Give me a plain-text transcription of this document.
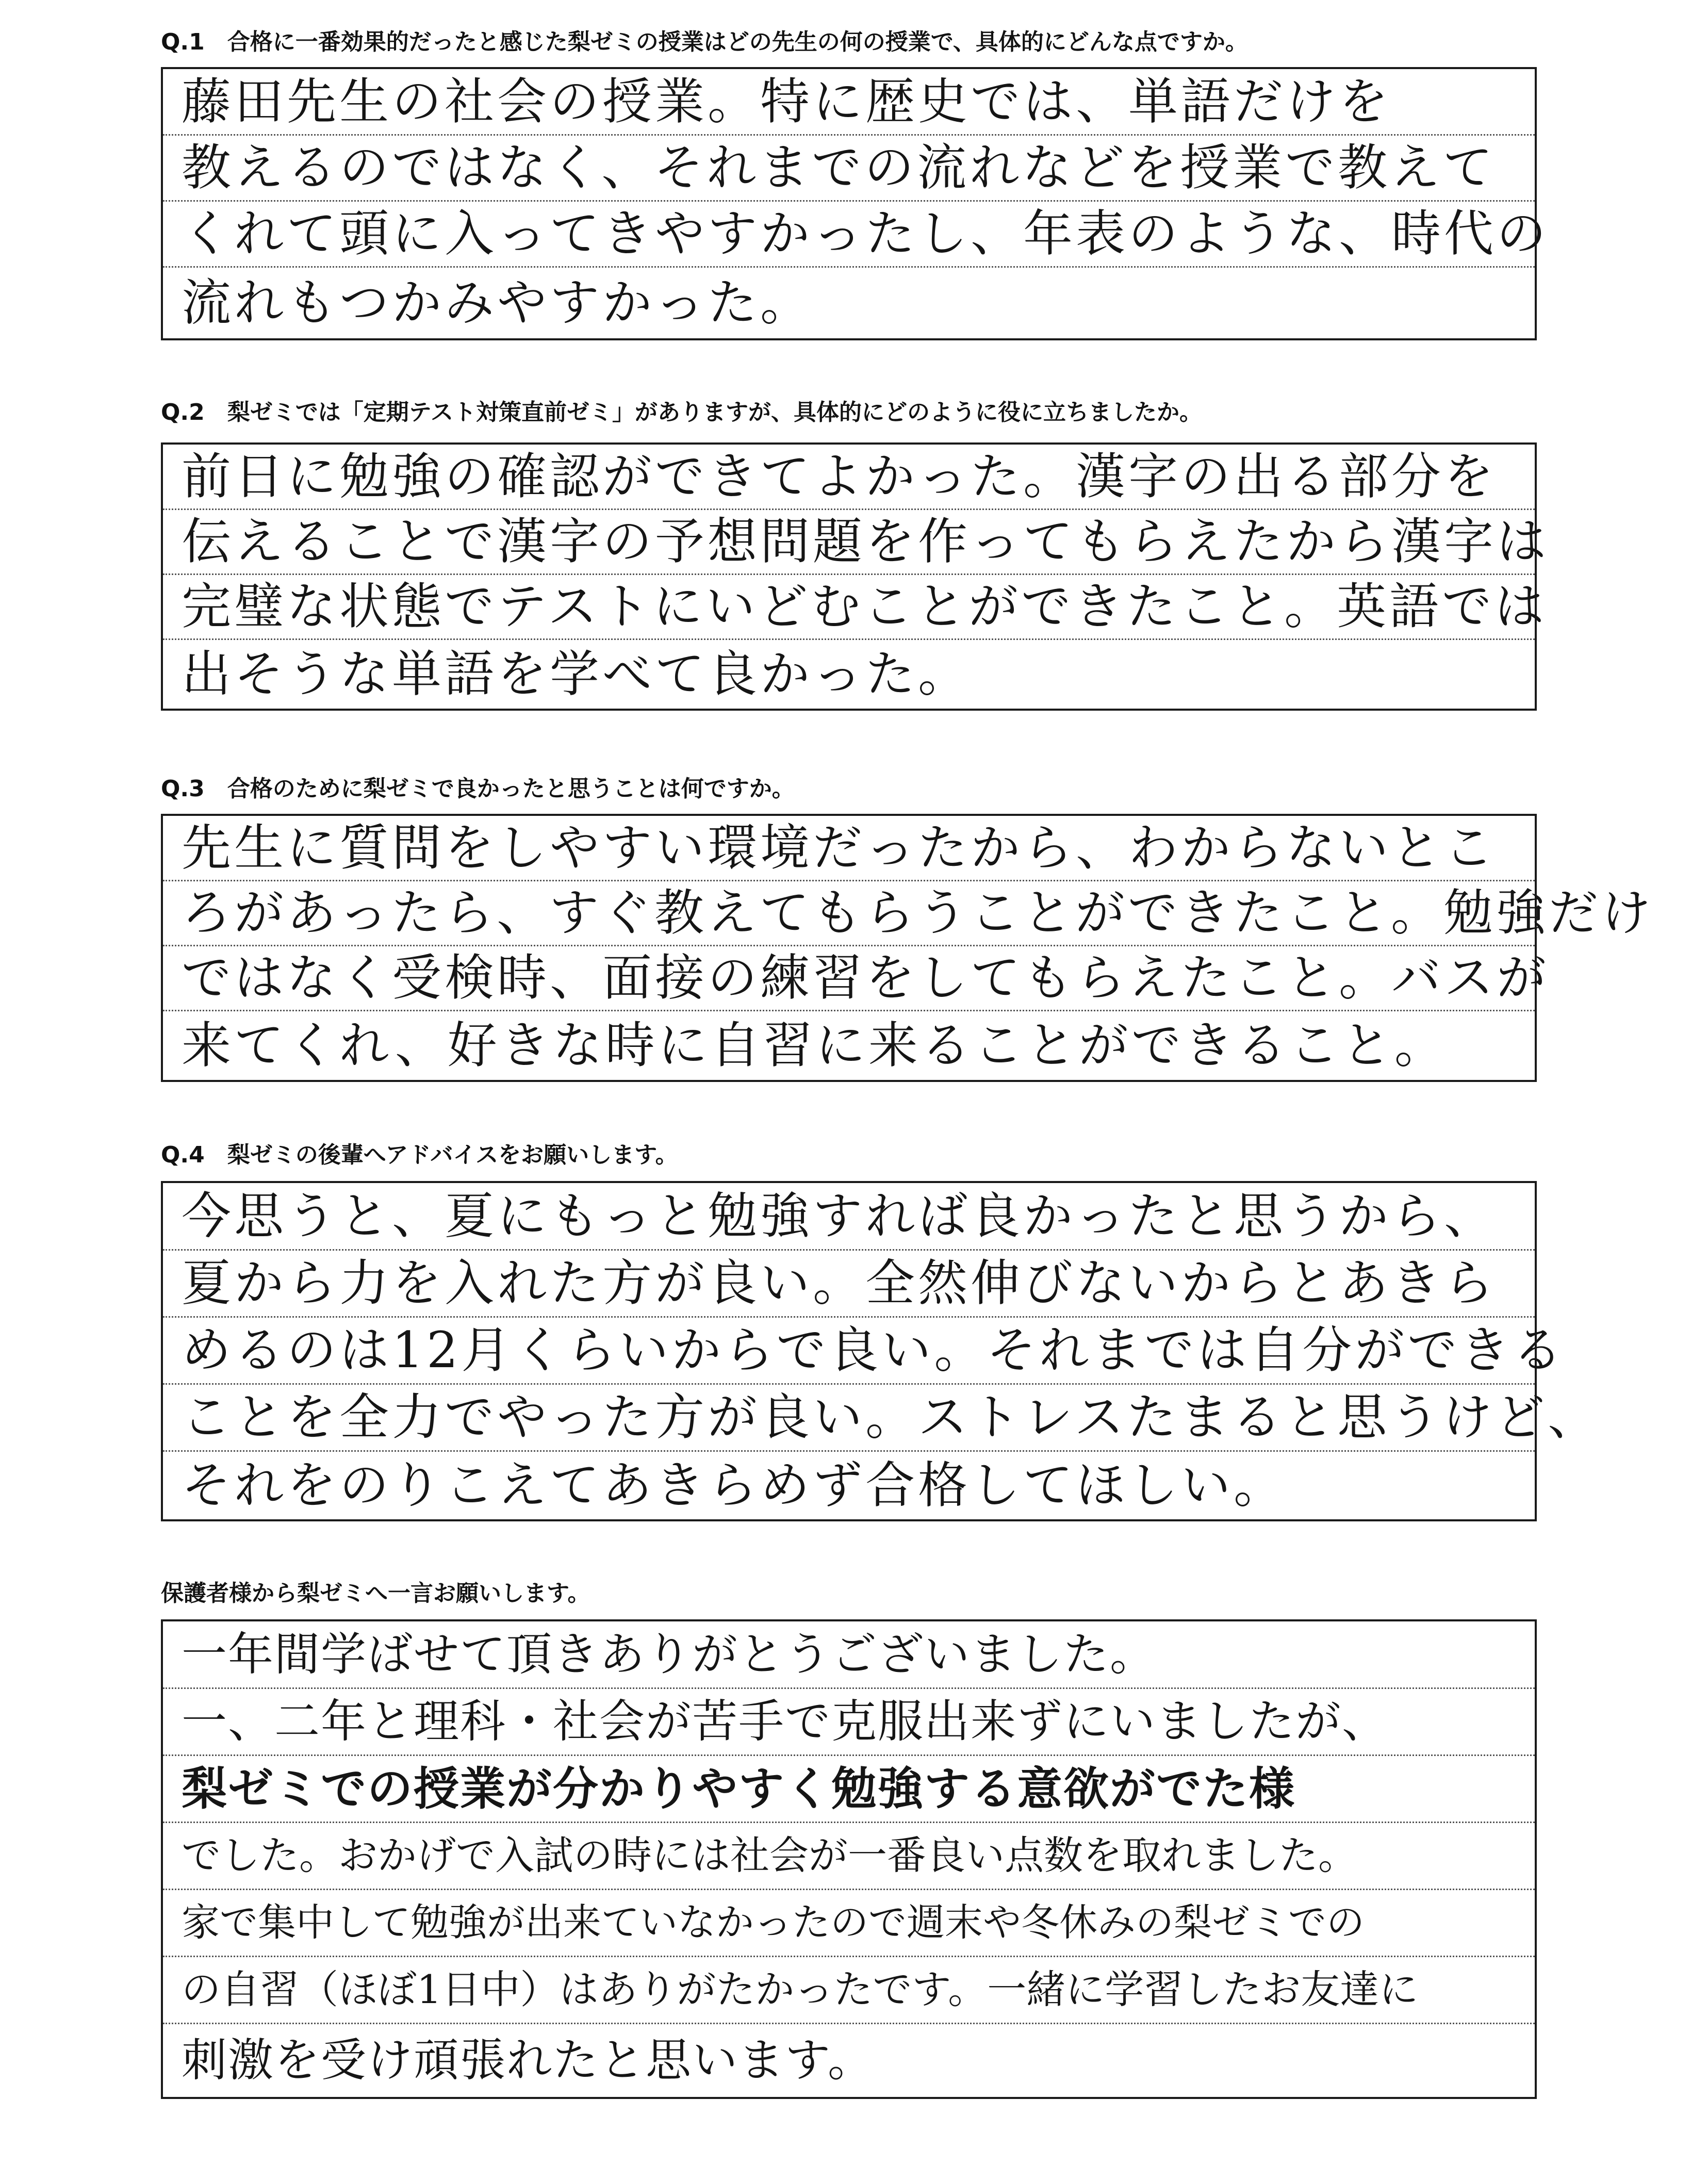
Q.1　合格に一番効果的だったと感じた梨ゼミの授業はどの先生の何の授業で、具体的にどんな点ですか。
藤田先生の社会の授業。特に歴史では、単語だけを
教えるのではなく、それまでの流れなどを授業で教えて
くれて頭に入ってきやすかったし、年表のような、時代の
流れもつかみやすかった。
Q.2　梨ゼミでは「定期テスト対策直前ゼミ」がありますが、具体的にどのように役に立ちましたか。
前日に勉強の確認ができてよかった。漢字の出る部分を
伝えることで漢字の予想問題を作ってもらえたから漢字は
完璧な状態でテストにいどむことができたこと。英語では
出そうな単語を学べて良かった。
Q.3　合格のために梨ゼミで良かったと思うことは何ですか。
先生に質問をしやすい環境だったから、わからないとこ
ろがあったら、すぐ教えてもらうことができたこと。勉強だけ
ではなく受検時、面接の練習をしてもらえたこと。バスが
来てくれ、好きな時に自習に来ることができること。
Q.4　梨ゼミの後輩へアドバイスをお願いします。
今思うと、夏にもっと勉強すれば良かったと思うから、
夏から力を入れた方が良い。全然伸びないからとあきら
めるのは12月くらいからで良い。それまでは自分ができる
ことを全力でやった方が良い。ストレスたまると思うけど、
それをのりこえてあきらめず合格してほしい。
保護者様から梨ゼミへ一言お願いします。
一年間学ばせて頂きありがとうございました。
一、二年と理科・社会が苦手で克服出来ずにいましたが、
梨ゼミでの授業が分かりやすく勉強する意欲がでた様
でした。おかげで入試の時には社会が一番良い点数を取れました。
家で集中して勉強が出来ていなかったので週末や冬休みの梨ゼミでの
の自習（ほぼ1日中）はありがたかったです。一緒に学習したお友達に
刺激を受け頑張れたと思います。
